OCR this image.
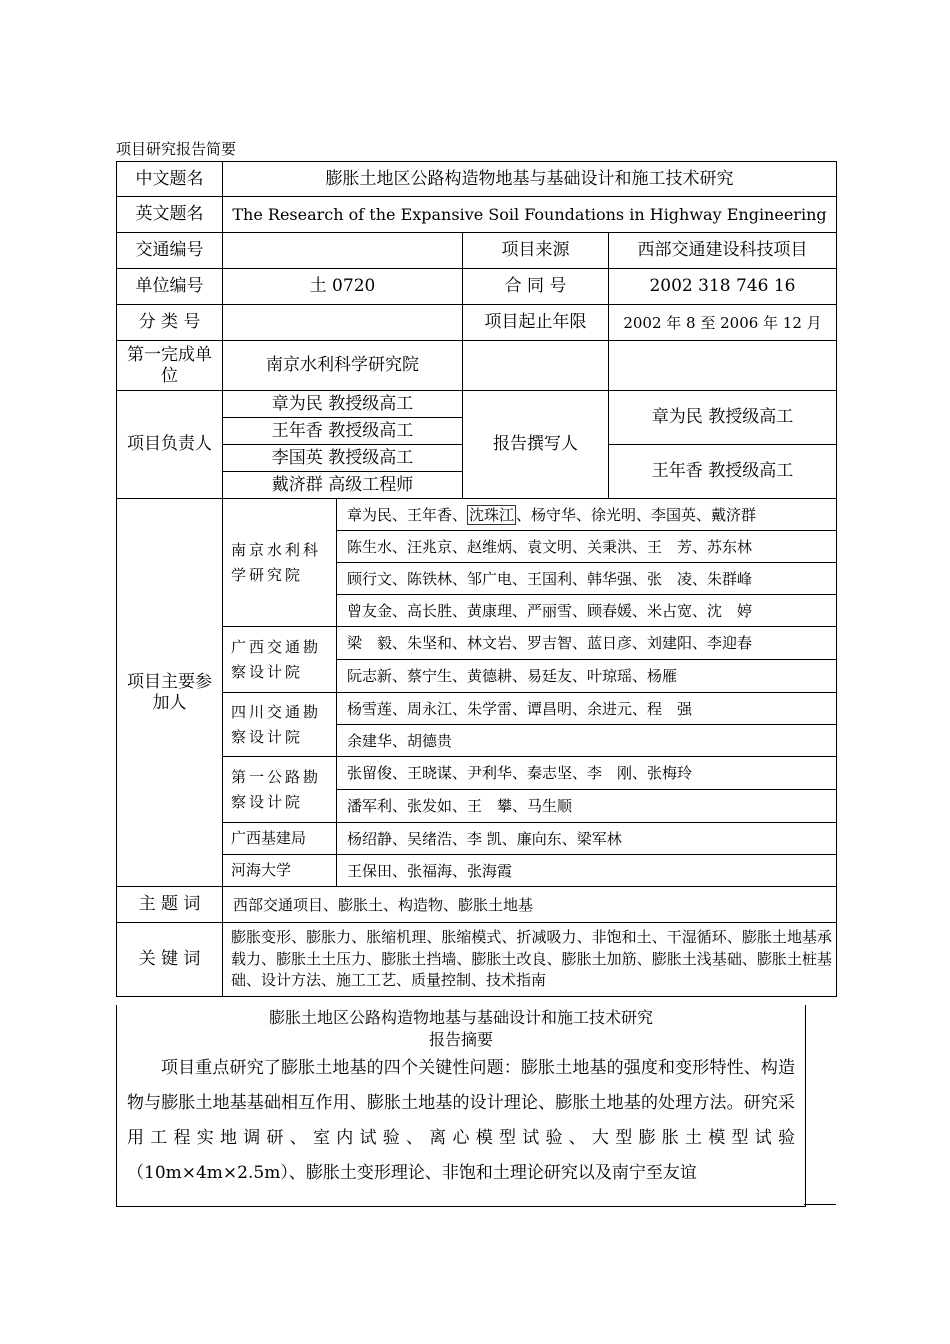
项目研究报告简要
中文题名	膨胀土地区公路构造物地基与基础设计和施工技术研究			
英文题名	The Research of the Expansive Soil Foundations in Highway Engineering			
交通编号			项目来源	西部交通建设科技项目
单位编号	土 0720		合 同 号	2002 318 746 16
分 类 号			项目起止年限	2002 年 8 至 2006 年 12 月
第一完成单位	南京水利科学研究院			
项目负责人	章为民 教授级高工		报告撰写人	章为民 教授级高工
	王年香 教授级高工			
	李国英 教授级高工			王年香 教授级高工
	戴济群 高级工程师			
项目主要参加人	南京水利科学研究院	章为民、王年香、 沈珠江 、杨守华、徐光明、李国英、戴济群		
		陈生水、汪兆京、赵维炳、袁文明、关秉洪、王　芳、苏东林		
		顾行文、陈铁林、邹广电、王国利、韩华强、张　凌、朱群峰		
		曾友金、高长胜、黄康理、严丽雪、顾春媛、米占宽、沈　婷		
	广西交通勘察设计院	梁　毅、朱坚和、林文岩、罗吉智、蓝日彦、刘建阳、李迎春		
		阮志新、蔡宁生、黄德耕、易廷友、叶琼瑶、杨雁		
	四川交通勘察设计院	杨雪莲、周永江、朱学雷、谭昌明、余进元、程　强		
		余建华、胡德贵		
	第一公路勘察设计院	张留俊、王晓谋、尹利华、秦志坚、李　刚、张梅玲		
		潘军利、张发如、王　攀、马生顺		
	广西基建局	杨绍静、吴绪浩、李 凯、廉向东、梁军林		
	河海大学	王保田、张福海、张海霞		
主 题 词	西部交通项目、膨胀土、构造物、膨胀土地基			
关 键 词	膨胀变形、膨胀力、胀缩机理、胀缩模式、折减吸力、非饱和土、干湿循环、膨胀土地基承载力、膨胀土土压力、膨胀土挡墙、膨胀土改良、膨胀土加筋、膨胀土浅基础、膨胀土桩基础、设计方法、施工工艺、质量控制、技术指南			
膨胀土地区公路构造物地基与基础设计和施工技术研究
报告摘要

项目重点研究了膨胀土地基的四个关键性问题：膨胀土地基的强度和变形特性、构造物与膨胀土地基基础相互作用、膨胀土地基的设计理论、膨胀土地基的处理方法。研究采用工程实地调研、室内试验、离心模型试验、大型膨胀土模型试验（10m×4m×2.5m）、膨胀土变形理论、非饱和土理论研究以及南宁至友谊
